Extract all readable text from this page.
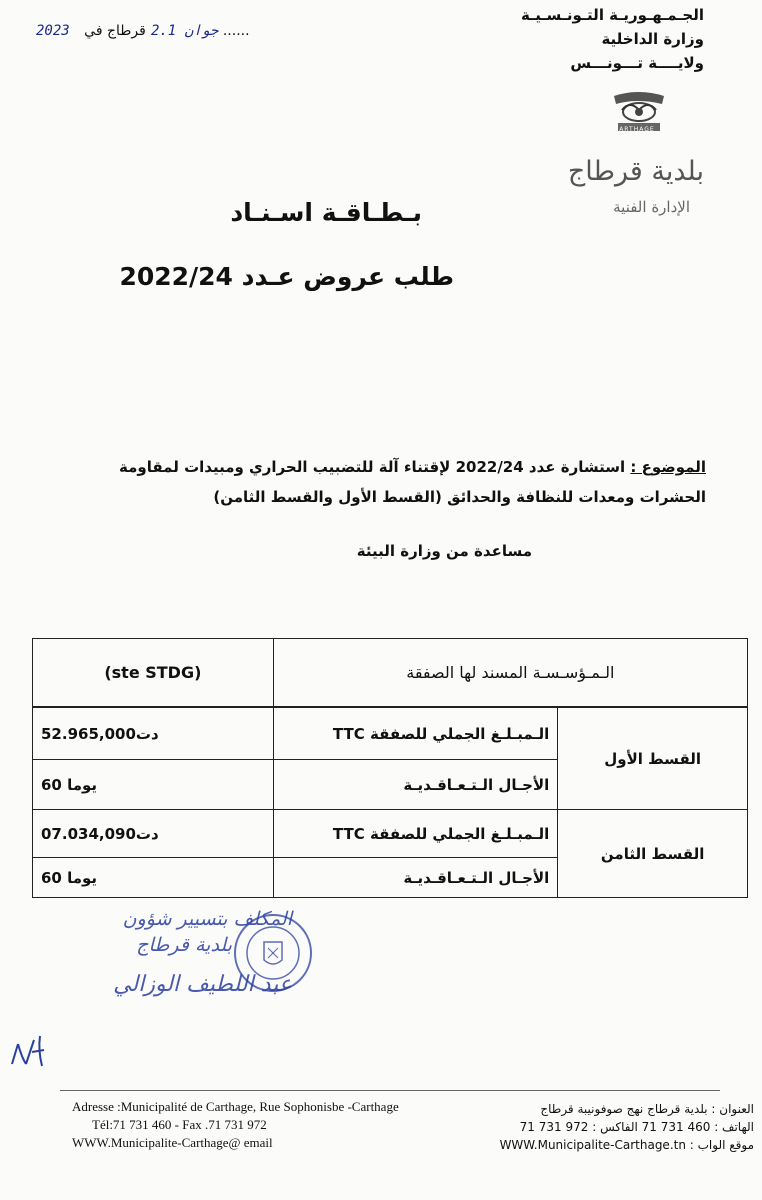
الجـمـهـوريـة التـونـسـيـة
وزارة الداخلية
ولايــــة تـــونـــس
2023 جوان 2.1 قرطاج في ......
CARTHAGE
بلدية قرطاج
الإدارة الفنية
بـطـاقـة اسـنـاد
طلب عروض عـدد 2022/24
الموضوع : استشارة عدد 2022/24 لإقتناء آلة للتضبيب الحراري ومبيدات لمقاومة الحشرات ومعدات للنظافة والحدائق (القسط الأول والقسط الثامن)
مساعدة من وزارة البيئة
الـمـؤسـسـة المسند لها الصفقة		(ste STDG)

القسط الأول	الـمبـلـغ الجملي للصفقة TTC	52.965,000دت
	الأجـال الـتـعـاقـديـة	60 يوما
القسط الثامن	الـمبـلـغ الجملي للصفقة TTC	07.034,090دت
	الأجـال الـتـعـاقـديـة	60 يوما
المكلف بتسيير شؤون
بلدية قرطاج
عبد اللطيف الوزالي
Adresse :Municipalité de Carthage, Rue Sophonisbe -Carthage
Tél:71 731 460 - Fax .71 731 972
WWW.Municipalite-Carthage@ email
العنوان : بلدية قرطاج نهج صوفونيبة قرطاج
الهاتف : 460 731 71 الفاكس : 972 731 71
موقع الواب : WWW.Municipalite-Carthage.tn
